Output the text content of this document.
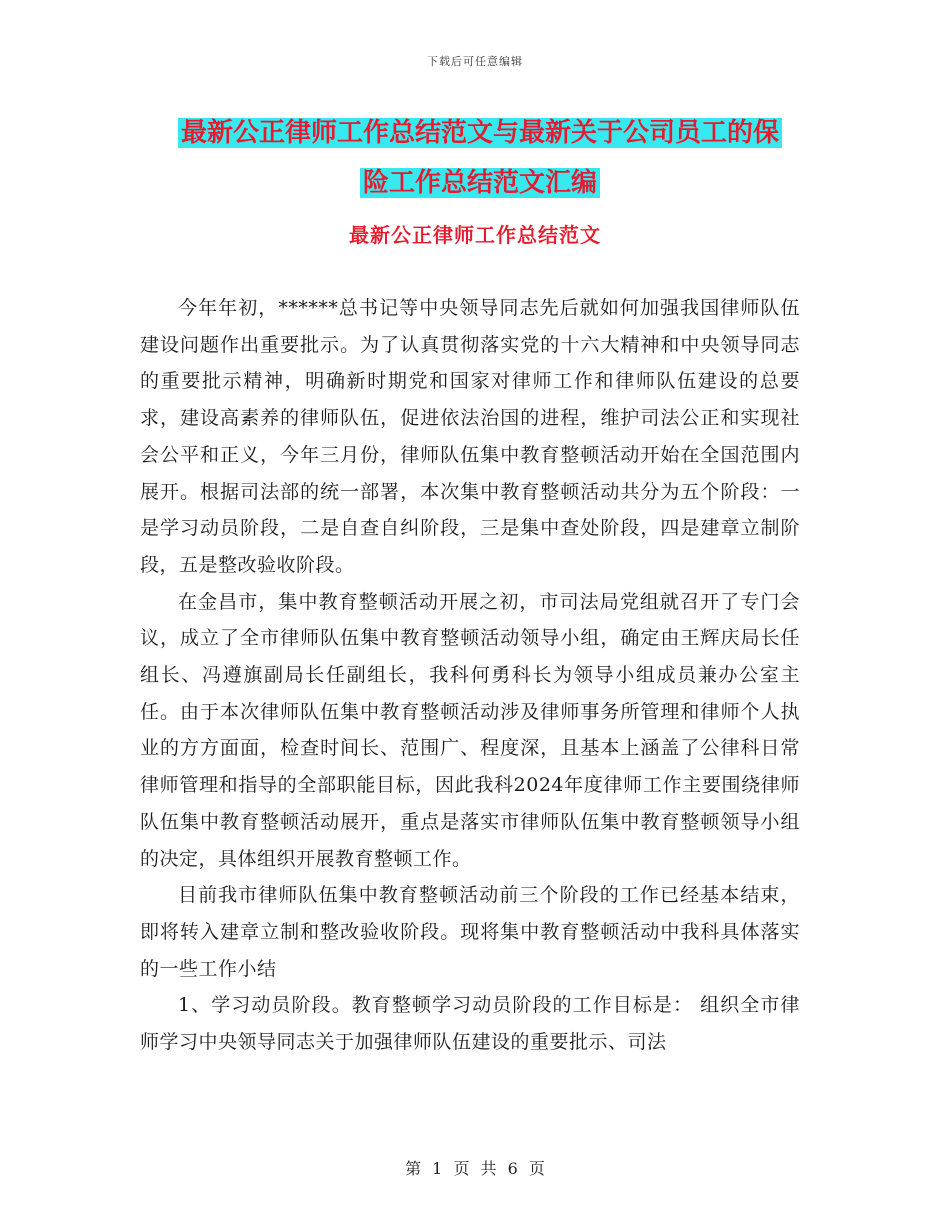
下载后可任意编辑
最新公正律师工作总结范文与最新关于公司员工的保
险工作总结范文汇编
最新公正律师工作总结范文

今年年初，******总书记等中央领导同志先后就如何加强我国律师队伍建设问题作出重要批示。为了认真贯彻落实党的十六大精神和中央领导同志的重要批示精神，明确新时期党和国家对律师工作和律师队伍建设的总要求，建设高素养的律师队伍，促进依法治国的进程，维护司法公正和实现社会公平和正义，今年三月份，律师队伍集中教育整顿活动开始在全国范围内展开。根据司法部的统一部署，本次集中教育整顿活动共分为五个阶段：一是学习动员阶段，二是自查自纠阶段，三是集中查处阶段，四是建章立制阶段，五是整改验收阶段。

在金昌市，集中教育整顿活动开展之初，市司法局党组就召开了专门会议，成立了全市律师队伍集中教育整顿活动领导小组，确定由王辉庆局长任组长、冯遵旗副局长任副组长，我科何勇科长为领导小组成员兼办公室主任。由于本次律师队伍集中教育整顿活动涉及律师事务所管理和律师个人执业的方方面面，检查时间长、范围广、程度深，且基本上涵盖了公律科日常律师管理和指导的全部职能目标，因此我科2024年度律师工作主要围绕律师队伍集中教育整顿活动展开，重点是落实市律师队伍集中教育整顿领导小组的决定，具体组织开展教育整顿工作。

目前我市律师队伍集中教育整顿活动前三个阶段的工作已经基本结束，即将转入建章立制和整改验收阶段。现将集中教育整顿活动中我科具体落实的一些工作小结

1、学习动员阶段。教育整顿学习动员阶段的工作目标是： 组织全市律师学习中央领导同志关于加强律师队伍建设的重要批示、司法

第 1 页 共 6 页
